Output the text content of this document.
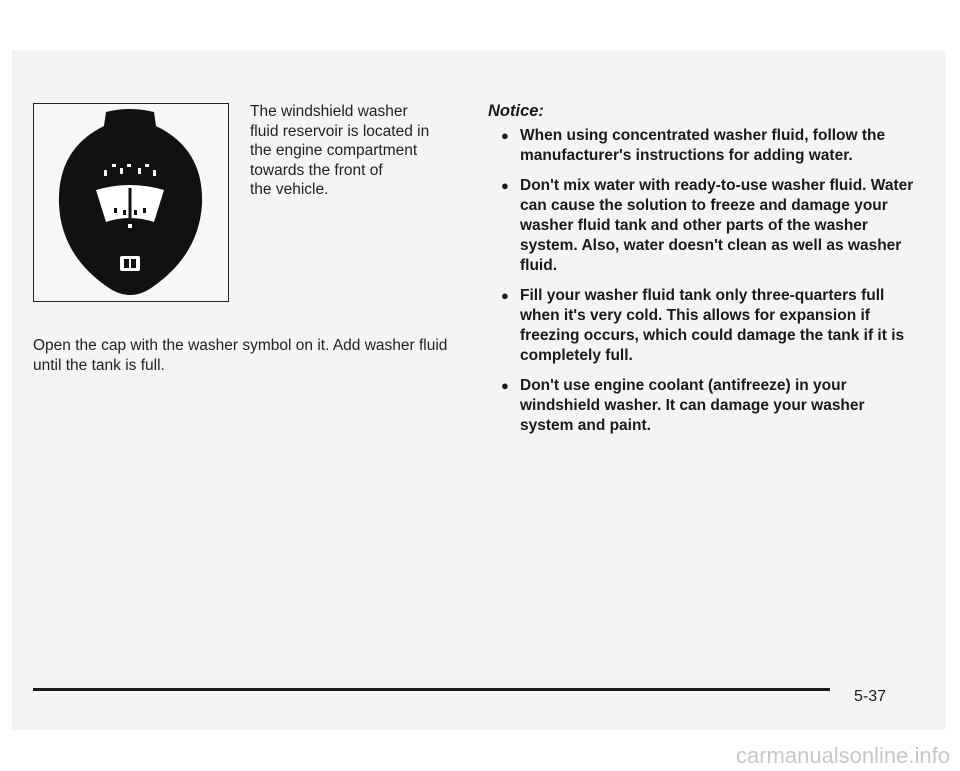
The windshield washer
fluid reservoir is located in
the engine compartment
towards the front of
the vehicle.
Open the cap with the washer symbol on it. Add washer fluid until the tank is full.
Notice:
● When using concentrated washer fluid, follow the manufacturer's instructions for adding water.
● Don't mix water with ready-to-use washer fluid. Water can cause the solution to freeze and damage your washer fluid tank and other parts of the washer system. Also, water doesn't clean as well as washer fluid.
● Fill your washer fluid tank only three-quarters full when it's very cold. This allows for expansion if freezing occurs, which could damage the tank if it is completely full.
● Don't use engine coolant (antifreeze) in your windshield washer. It can damage your washer system and paint.
5-37
carmanualsonline.info
